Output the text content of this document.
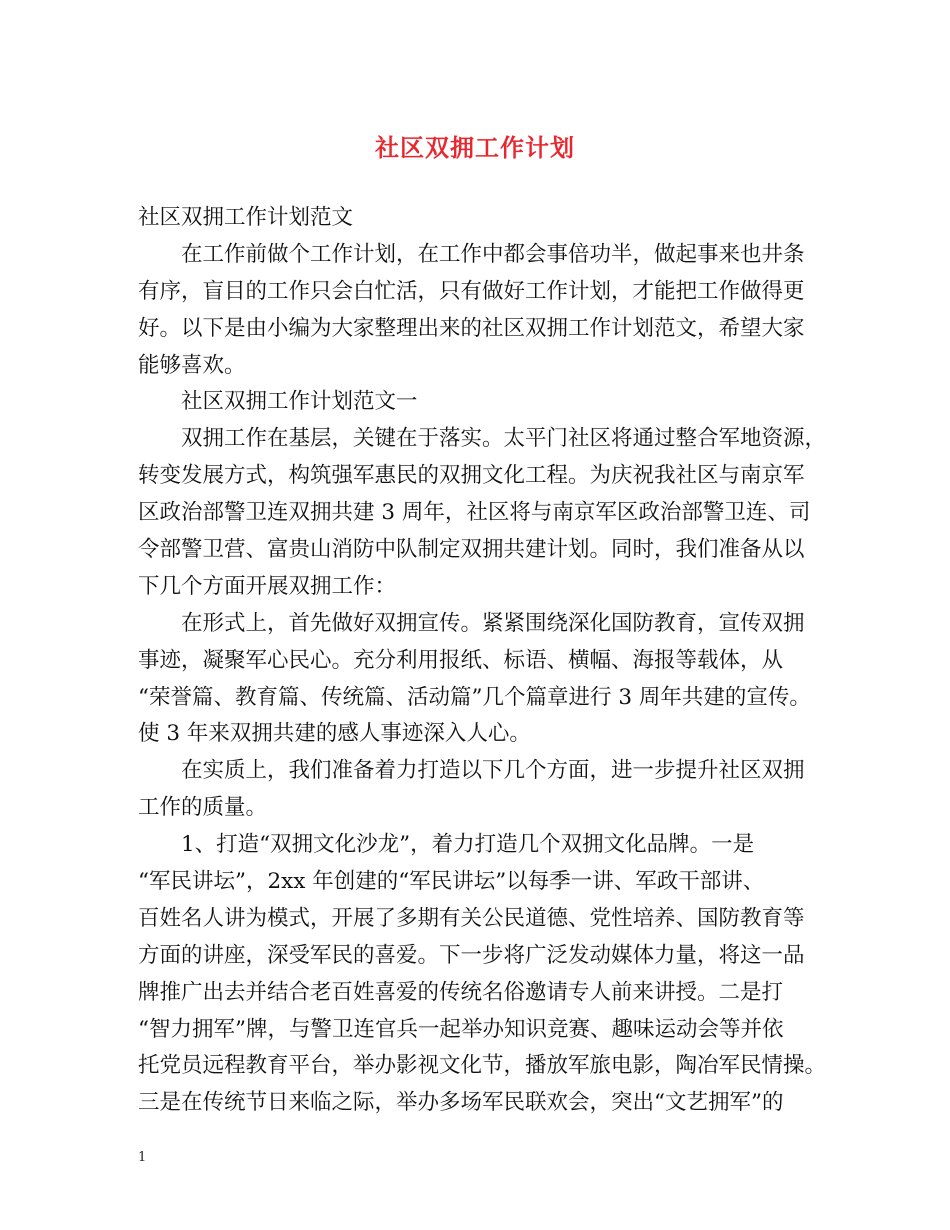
社区双拥工作计划
社区双拥工作计划范文
在工作前做个工作计划，在工作中都会事倍功半，做起事来也井条
有序，盲目的工作只会白忙活，只有做好工作计划，才能把工作做得更
好。以下是由小编为大家整理出来的社区双拥工作计划范文，希望大家
能够喜欢。
社区双拥工作计划范文一
双拥工作在基层，关键在于落实。太平门社区将通过整合军地资源，
转变发展方式，构筑强军惠民的双拥文化工程。为庆祝我社区与南京军
区政治部警卫连双拥共建 3 周年，社区将与南京军区政治部警卫连、司
令部警卫营、富贵山消防中队制定双拥共建计划。同时，我们准备从以
下几个方面开展双拥工作：
在形式上，首先做好双拥宣传。紧紧围绕深化国防教育，宣传双拥
事迹，凝聚军心民心。充分利用报纸、标语、横幅、海报等载体，从
“荣誉篇、教育篇、传统篇、活动篇”几个篇章进行 3 周年共建的宣传。
使 3 年来双拥共建的感人事迹深入人心。
在实质上，我们准备着力打造以下几个方面，进一步提升社区双拥
工作的质量。
1、打造“双拥文化沙龙”，着力打造几个双拥文化品牌。一是
“军民讲坛”，2xx 年创建的“军民讲坛”以每季一讲、军政干部讲、
百姓名人讲为模式，开展了多期有关公民道德、党性培养、国防教育等
方面的讲座，深受军民的喜爱。下一步将广泛发动媒体力量，将这一品
牌推广出去并结合老百姓喜爱的传统名俗邀请专人前来讲授。二是打
“智力拥军”牌，与警卫连官兵一起举办知识竞赛、趣味运动会等并依
托党员远程教育平台，举办影视文化节，播放军旅电影，陶冶军民情操。
三是在传统节日来临之际，举办多场军民联欢会，突出“文艺拥军”的
1
